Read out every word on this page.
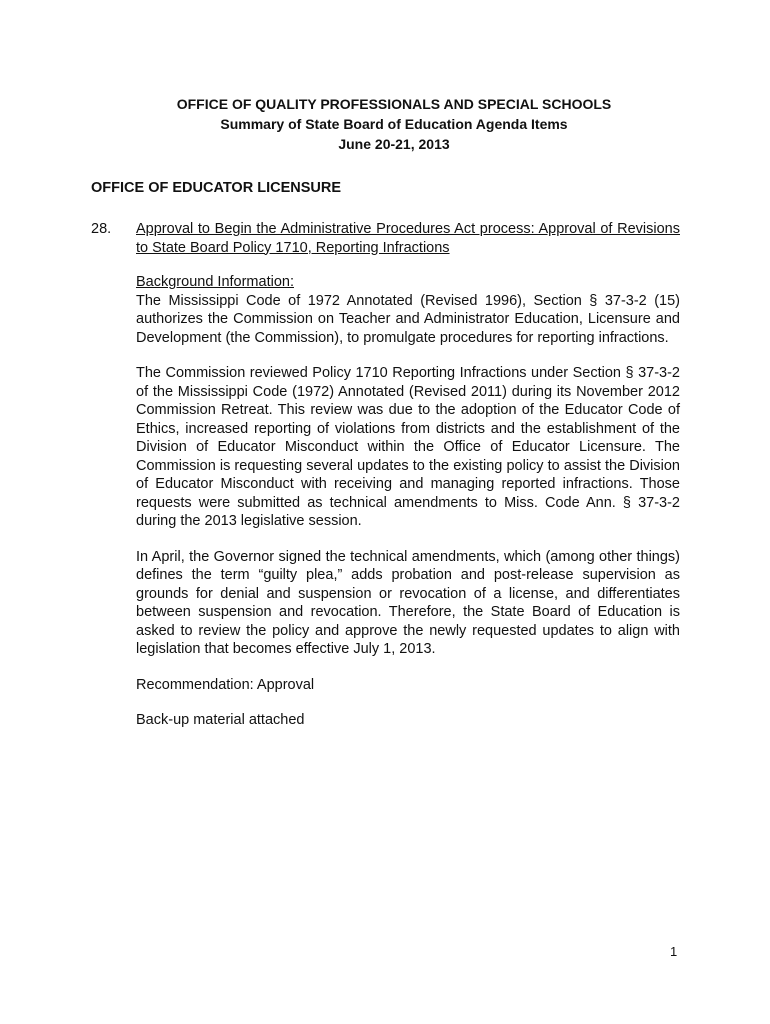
OFFICE OF QUALITY PROFESSIONALS AND SPECIAL SCHOOLS
Summary of State Board of Education Agenda Items
June 20-21, 2013
OFFICE OF EDUCATOR LICENSURE
28. Approval to Begin the Administrative Procedures Act process: Approval of Revisions to State Board Policy 1710, Reporting Infractions

Background Information:

The Mississippi Code of 1972 Annotated (Revised 1996), Section § 37-3-2 (15) authorizes the Commission on Teacher and Administrator Education, Licensure and Development (the Commission), to promulgate procedures for reporting infractions.

The Commission reviewed Policy 1710 Reporting Infractions under Section § 37-3-2 of the Mississippi Code (1972) Annotated (Revised 2011) during its November 2012 Commission Retreat. This review was due to the adoption of the Educator Code of Ethics, increased reporting of violations from districts and the establishment of the Division of Educator Misconduct within the Office of Educator Licensure. The Commission is requesting several updates to the existing policy to assist the Division of Educator Misconduct with receiving and managing reported infractions. Those requests were submitted as technical amendments to Miss. Code Ann. § 37-3-2 during the 2013 legislative session.

In April, the Governor signed the technical amendments, which (among other things) defines the term “guilty plea,” adds probation and post-release supervision as grounds for denial and suspension or revocation of a license, and differentiates between suspension and revocation. Therefore, the State Board of Education is asked to review the policy and approve the newly requested updates to align with legislation that becomes effective July 1, 2013.

Recommendation: Approval

Back-up material attached

1
